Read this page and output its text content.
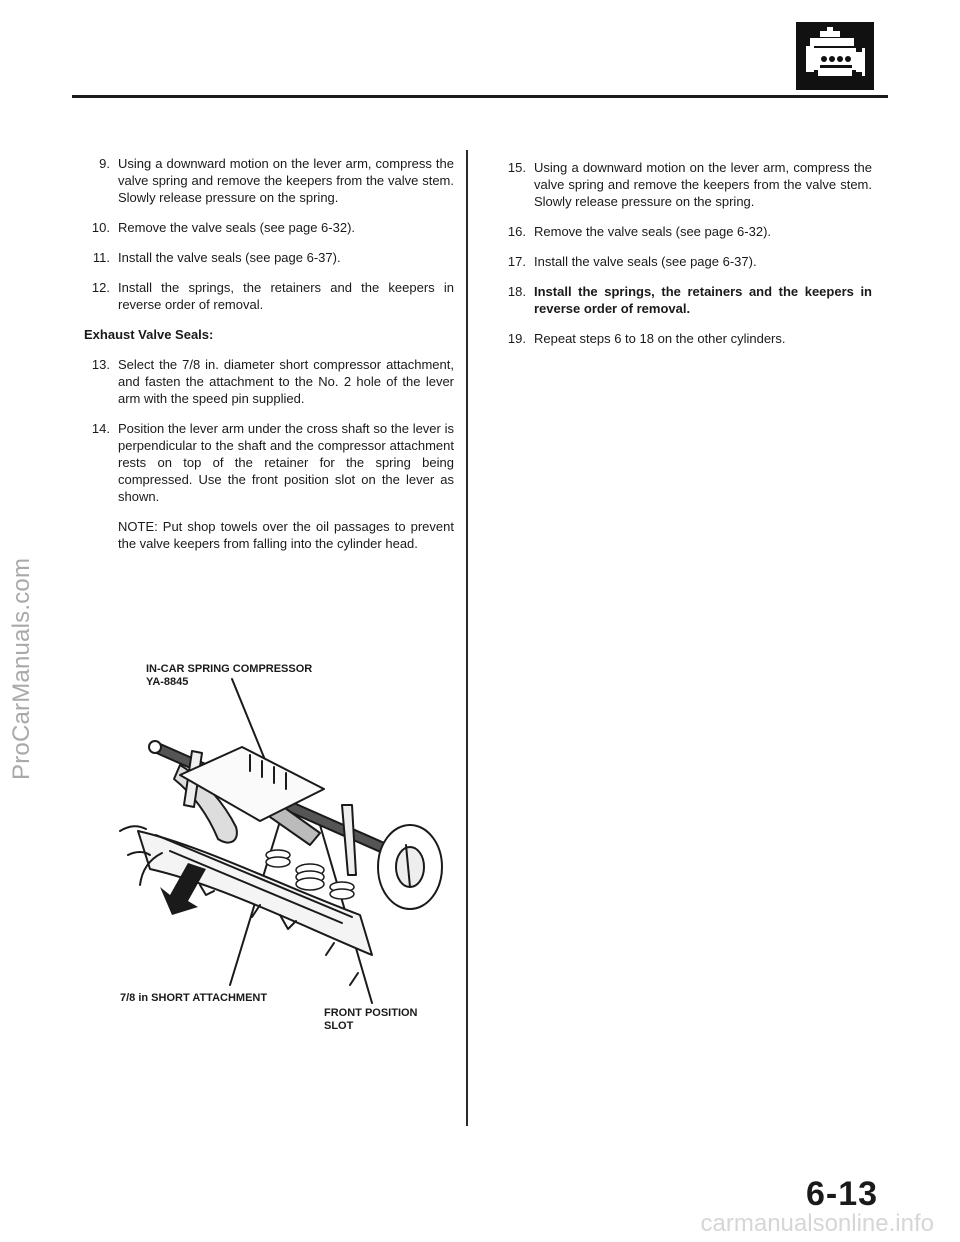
ProCarManuals.com
9. Using a downward motion on the lever arm, compress the valve spring and remove the keepers from the valve stem. Slowly release pressure on the spring.
10. Remove the valve seals (see page 6-32).
11. Install the valve seals (see page 6-37).
12. Install the springs, the retainers and the keepers in reverse order of removal.
Exhaust Valve Seals:
13. Select the 7/8 in. diameter short compressor attachment, and fasten the attachment to the No. 2 hole of the lever arm with the speed pin supplied.
14. Position the lever arm under the cross shaft so the lever is perpendicular to the shaft and the compressor attachment rests on top of the retainer for the spring being compressed. Use the front position slot on the lever as shown.
NOTE: Put shop towels over the oil passages to prevent the valve keepers from falling into the cylinder head.
IN-CAR SPRING COMPRESSOR
YA-8845
7/8 in SHORT ATTACHMENT
FRONT POSITION
SLOT
15. Using a downward motion on the lever arm, compress the valve spring and remove the keepers from the valve stem. Slowly release pressure on the spring.
16. Remove the valve seals (see page 6-32).
17. Install the valve seals (see page 6-37).
18. Install the springs, the retainers and the keepers in reverse order of removal.
19. Repeat steps 6 to 18 on the other cylinders.
6-13
carmanualsonline.info
